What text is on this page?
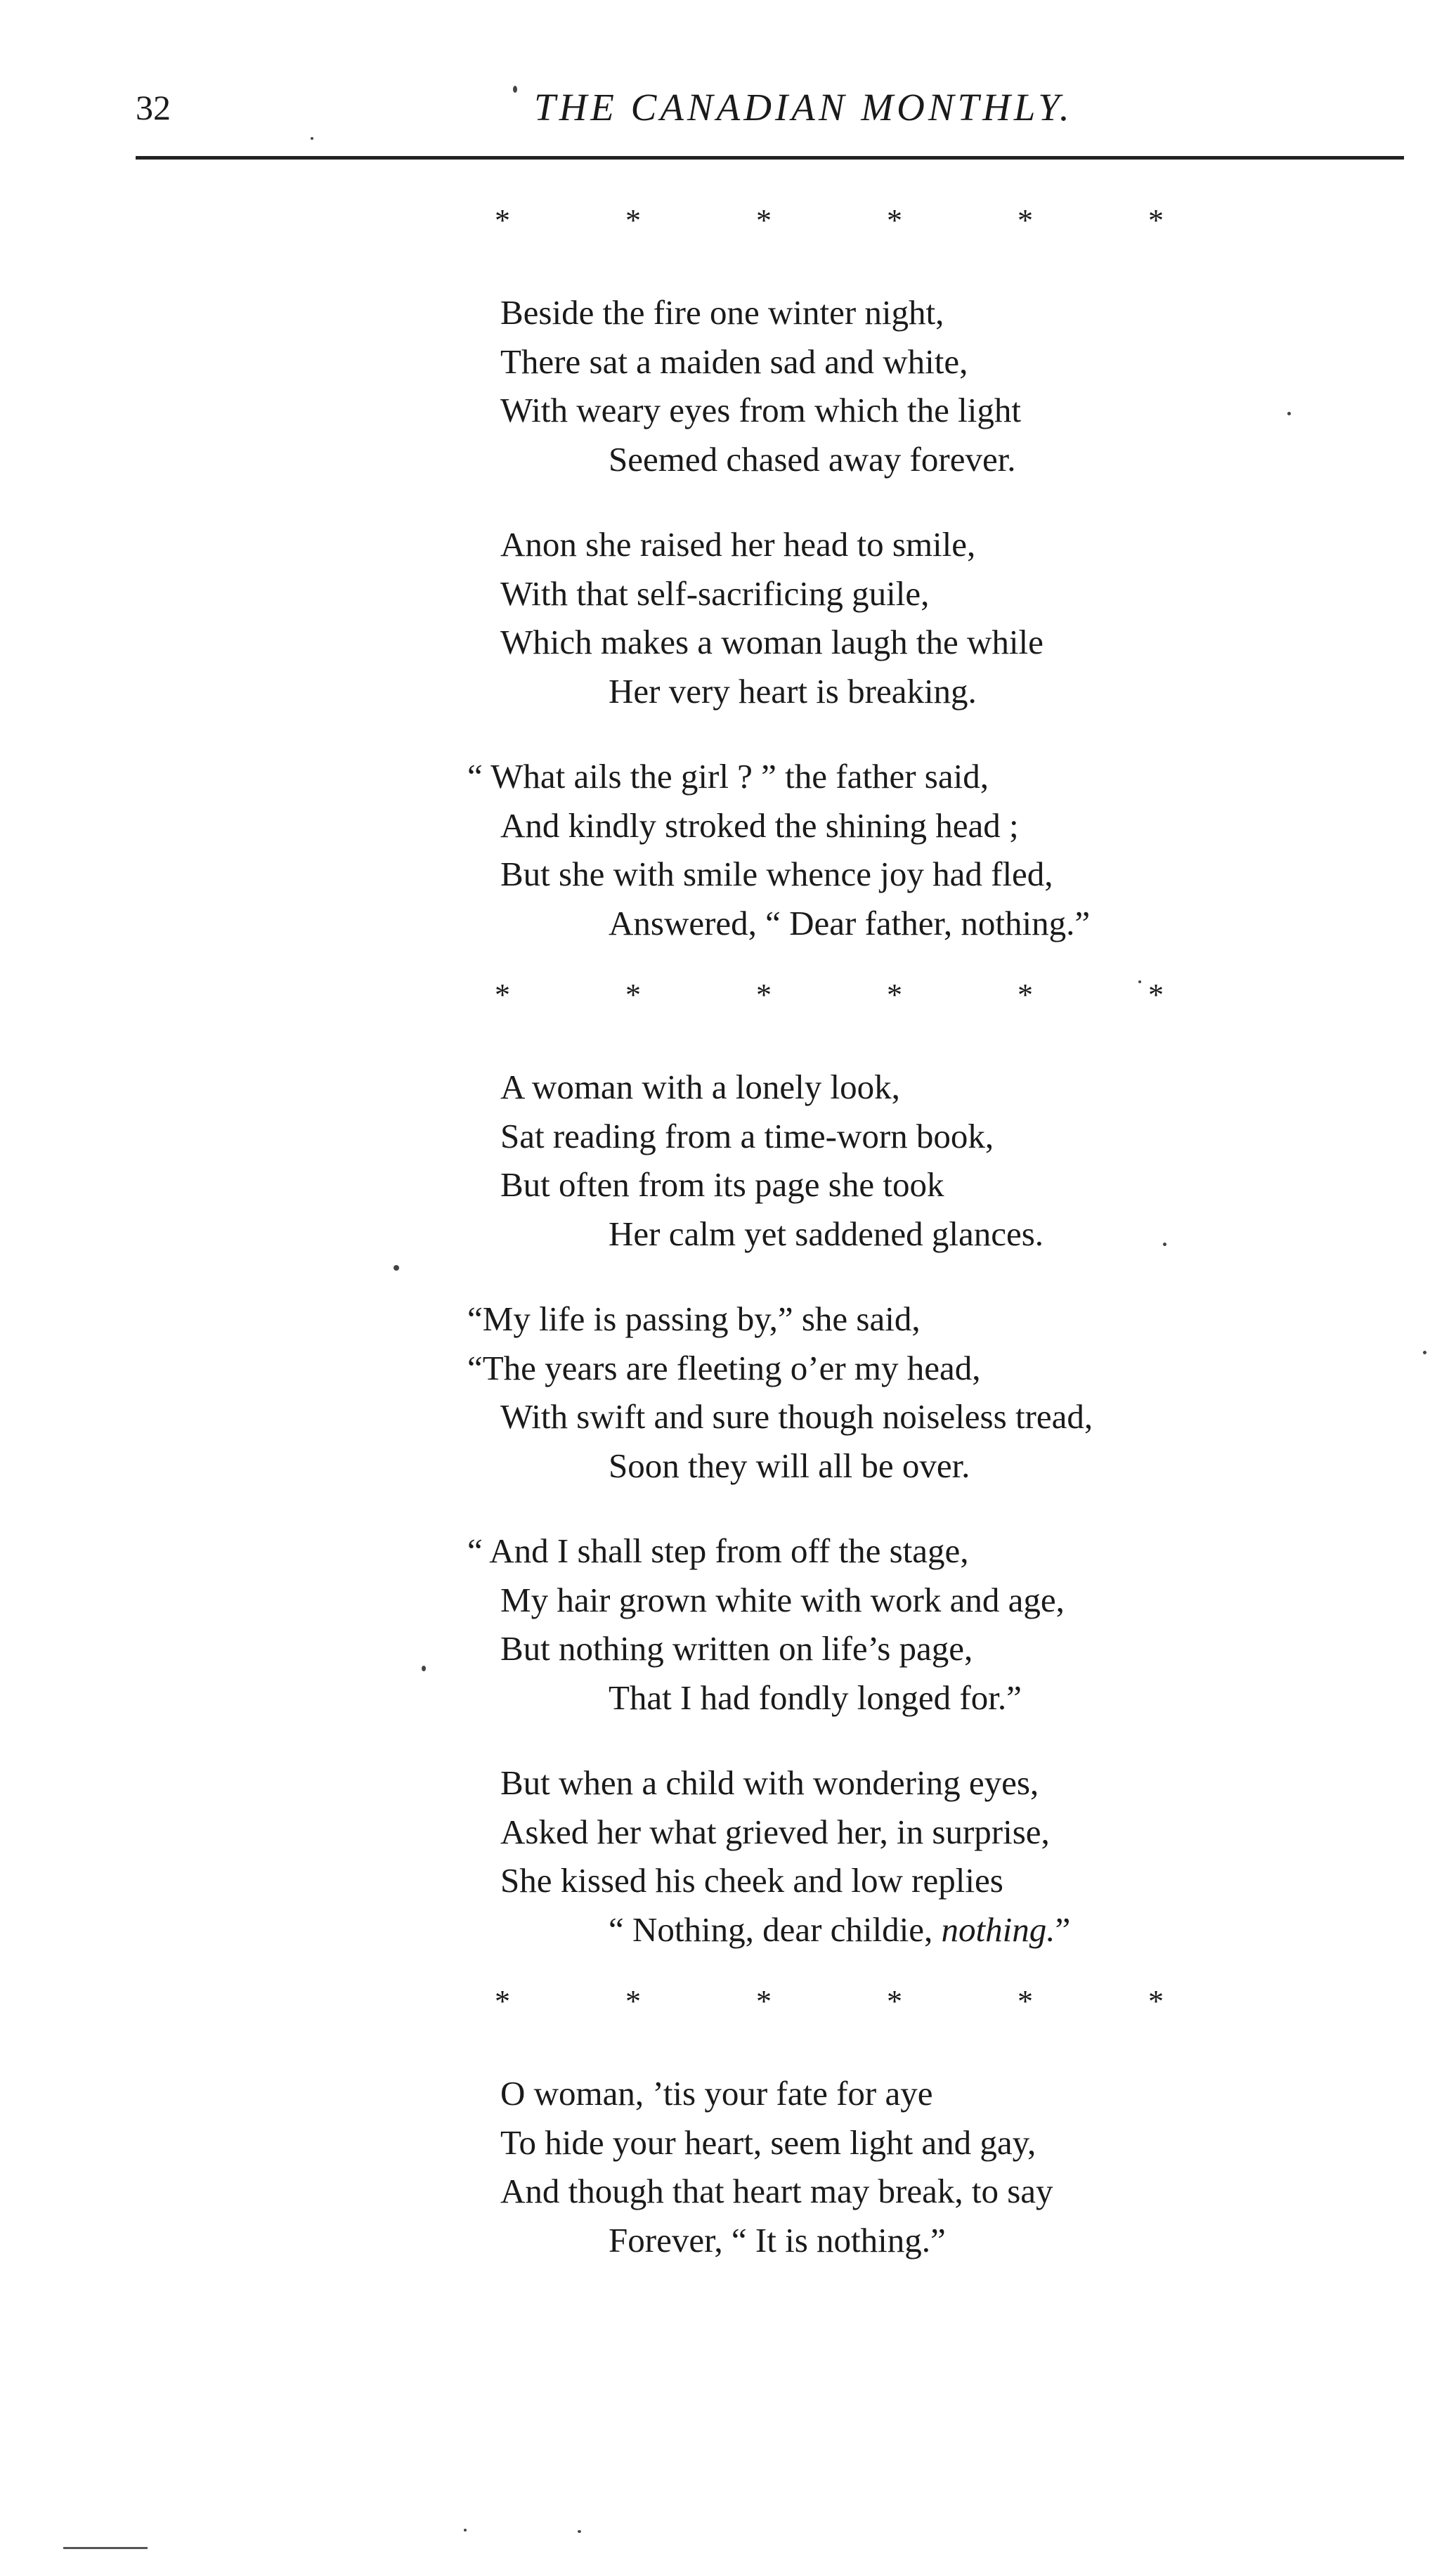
32	THE CANADIAN MONTHLY.
*	*	*	*	*	*
Beside the fire one winter night,
There sat a maiden sad and white,
With weary eyes from which the light
Seemed chased away forever.
Anon she raised her head to smile,
With that self-sacrificing guile,
Which makes a woman laugh the while
Her very heart is breaking.
“ What ails the girl ? ” the father said,
And kindly stroked the shining head ;
But she with smile whence joy had fled,
Answered, “ Dear father, nothing.”
*	*	*	*	*	*
A woman with a lonely look,
Sat reading from a time-worn book,
But often from its page she took
Her calm yet saddened glances.
“My life is passing by,” she said,
“The years are fleeting o’er my head,
With swift and sure though noiseless tread,
Soon they will all be over.
“ And I shall step from off the stage,
My hair grown white with work and age,
But nothing written on life’s page,
That I had fondly longed for.”
But when a child with wondering eyes,
Asked her what grieved her, in surprise,
She kissed his cheek and low replies
“ Nothing, dear childie, nothing.”
*	*	*	*	*	*
O woman, ’tis your fate for aye
To hide your heart, seem light and gay,
And though that heart may break, to say
Forever, “ It is nothing.”
